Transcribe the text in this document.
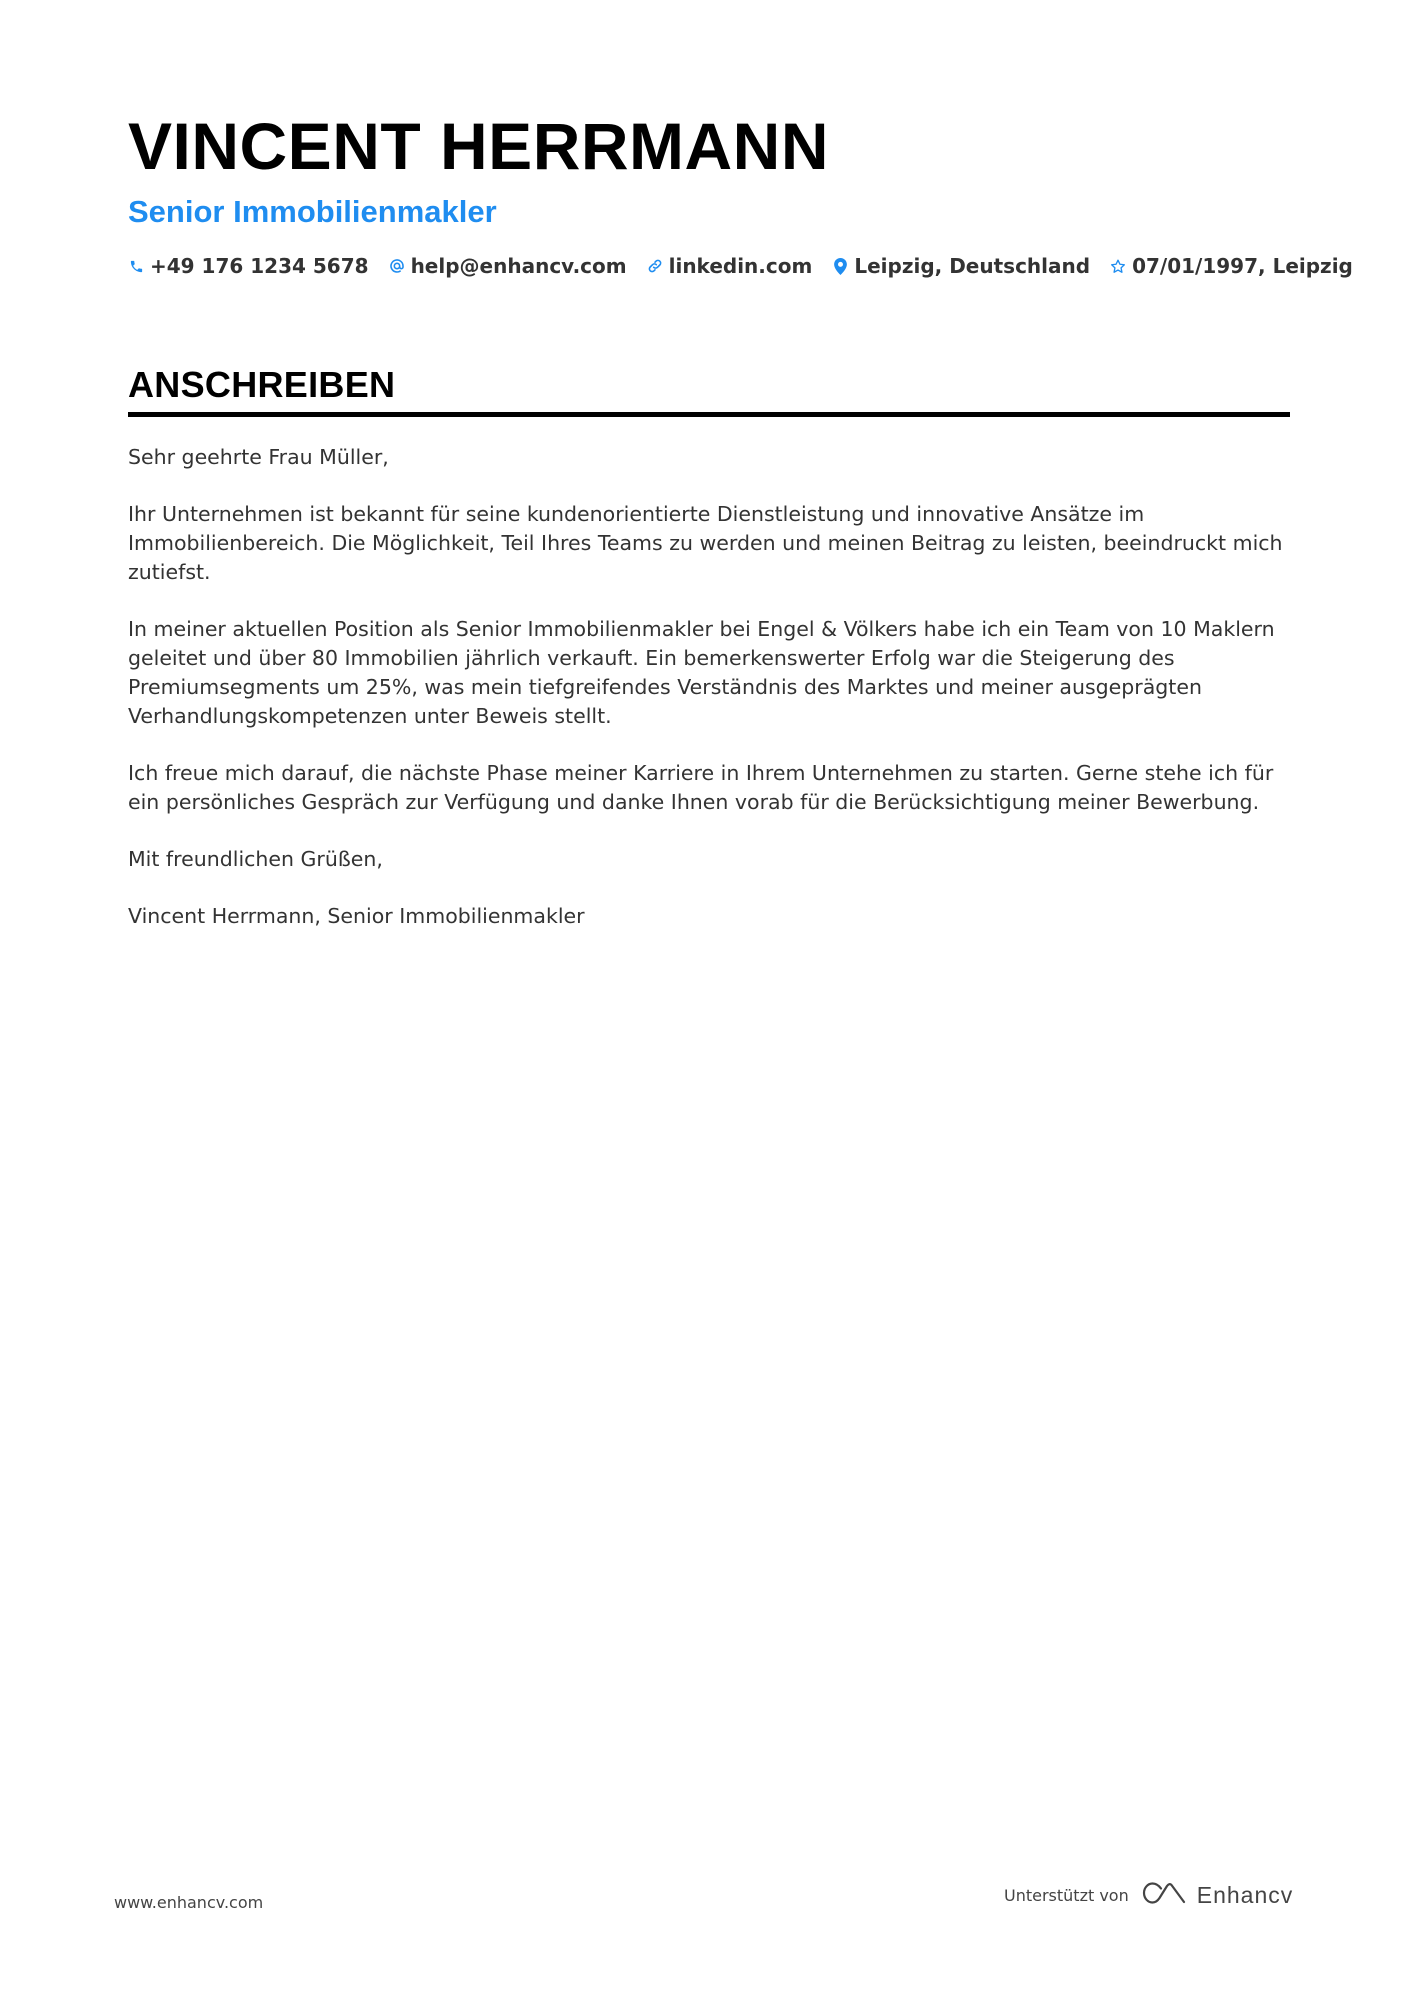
VINCENT HERRMANN
Senior Immobilienmakler
+49 176 1234 5678 help@enhancv.com linkedin.com Leipzig, Deutschland 07/01/1997, Leipzig
ANSCHREIBEN

Sehr geehrte Frau Müller,

Ihr Unternehmen ist bekannt für seine kundenorientierte Dienstleistung und innovative Ansätze im Immobilienbereich. Die Möglichkeit, Teil Ihres Teams zu werden und meinen Beitrag zu leisten, beeindruckt mich zutiefst.

In meiner aktuellen Position als Senior Immobilienmakler bei Engel & Völkers habe ich ein Team von 10 Maklern geleitet und über 80 Immobilien jährlich verkauft. Ein bemerkenswerter Erfolg war die Steigerung des Premiumsegments um 25%, was mein tiefgreifendes Verständnis des Marktes und meiner ausgeprägten Verhandlungskompetenzen unter Beweis stellt.

Ich freue mich darauf, die nächste Phase meiner Karriere in Ihrem Unternehmen zu starten. Gerne stehe ich für ein persönliches Gespräch zur Verfügung und danke Ihnen vorab für die Berücksichtigung meiner Bewerbung.

Mit freundlichen Grüßen,

Vincent Herrmann, Senior Immobilienmakler

www.enhancv.com	Unterstützt von	Enhancv
